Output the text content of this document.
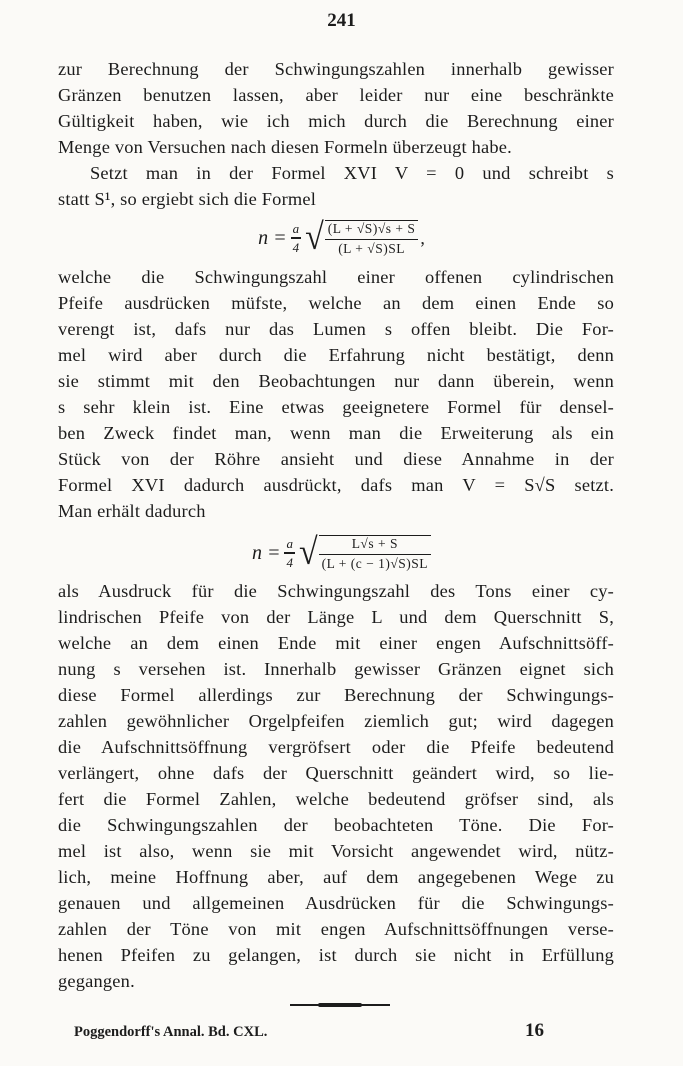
241

zur Berechnung der Schwingungszahlen innerhalb gewisser

Gränzen benutzen lassen, aber leider nur eine beschränkte

Gültigkeit haben, wie ich mich durch die Berechnung einer

Menge von Versuchen nach diesen Formeln überzeugt habe.

Setzt man in der Formel XVI V = 0 und schreibt s

statt S¹, so ergiebt sich die Formel

$n = \frac{a}{4}$ √ $\frac{(L + √S)√s + S}{(L + √S)SL}$ ,

welche die Schwingungszahl einer offenen cylindrischen

Pfeife ausdrücken müfste, welche an dem einen Ende so

verengt ist, dafs nur das Lumen s offen bleibt. Die For-

mel wird aber durch die Erfahrung nicht bestätigt, denn

sie stimmt mit den Beobachtungen nur dann überein, wenn

s sehr klein ist. Eine etwas geeignetere Formel für densel-

ben Zweck findet man, wenn man die Erweiterung als ein

Stück von der Röhre ansieht und diese Annahme in der

Formel XVI dadurch ausdrückt, dafs man V = S√S setzt.

Man erhält dadurch

$n = \frac{a}{4}$ √ $\frac{L√s + S}{(L + (c - 1)√S)SL}$

als Ausdruck für die Schwingungszahl des Tons einer cy-

lindrischen Pfeife von der Länge L und dem Querschnitt S,

welche an dem einen Ende mit einer engen Aufschnittsöff-

nung s versehen ist. Innerhalb gewisser Gränzen eignet sich

diese Formel allerdings zur Berechnung der Schwingungs-

zahlen gewöhnlicher Orgelpfeifen ziemlich gut; wird dagegen

die Aufschnittsöffnung vergröfsert oder die Pfeife bedeutend

verlängert, ohne dafs der Querschnitt geändert wird, so lie-

fert die Formel Zahlen, welche bedeutend gröfser sind, als

die Schwingungszahlen der beobachteten Töne. Die For-

mel ist also, wenn sie mit Vorsicht angewendet wird, nütz-

lich, meine Hoffnung aber, auf dem angegebenen Wege zu

genauen und allgemeinen Ausdrücken für die Schwingungs-

zahlen der Töne von mit engen Aufschnittsöffnungen verse-

henen Pfeifen zu gelangen, ist durch sie nicht in Erfüllung

gegangen.

Poggendorff's Annal. Bd. CXL.	16
